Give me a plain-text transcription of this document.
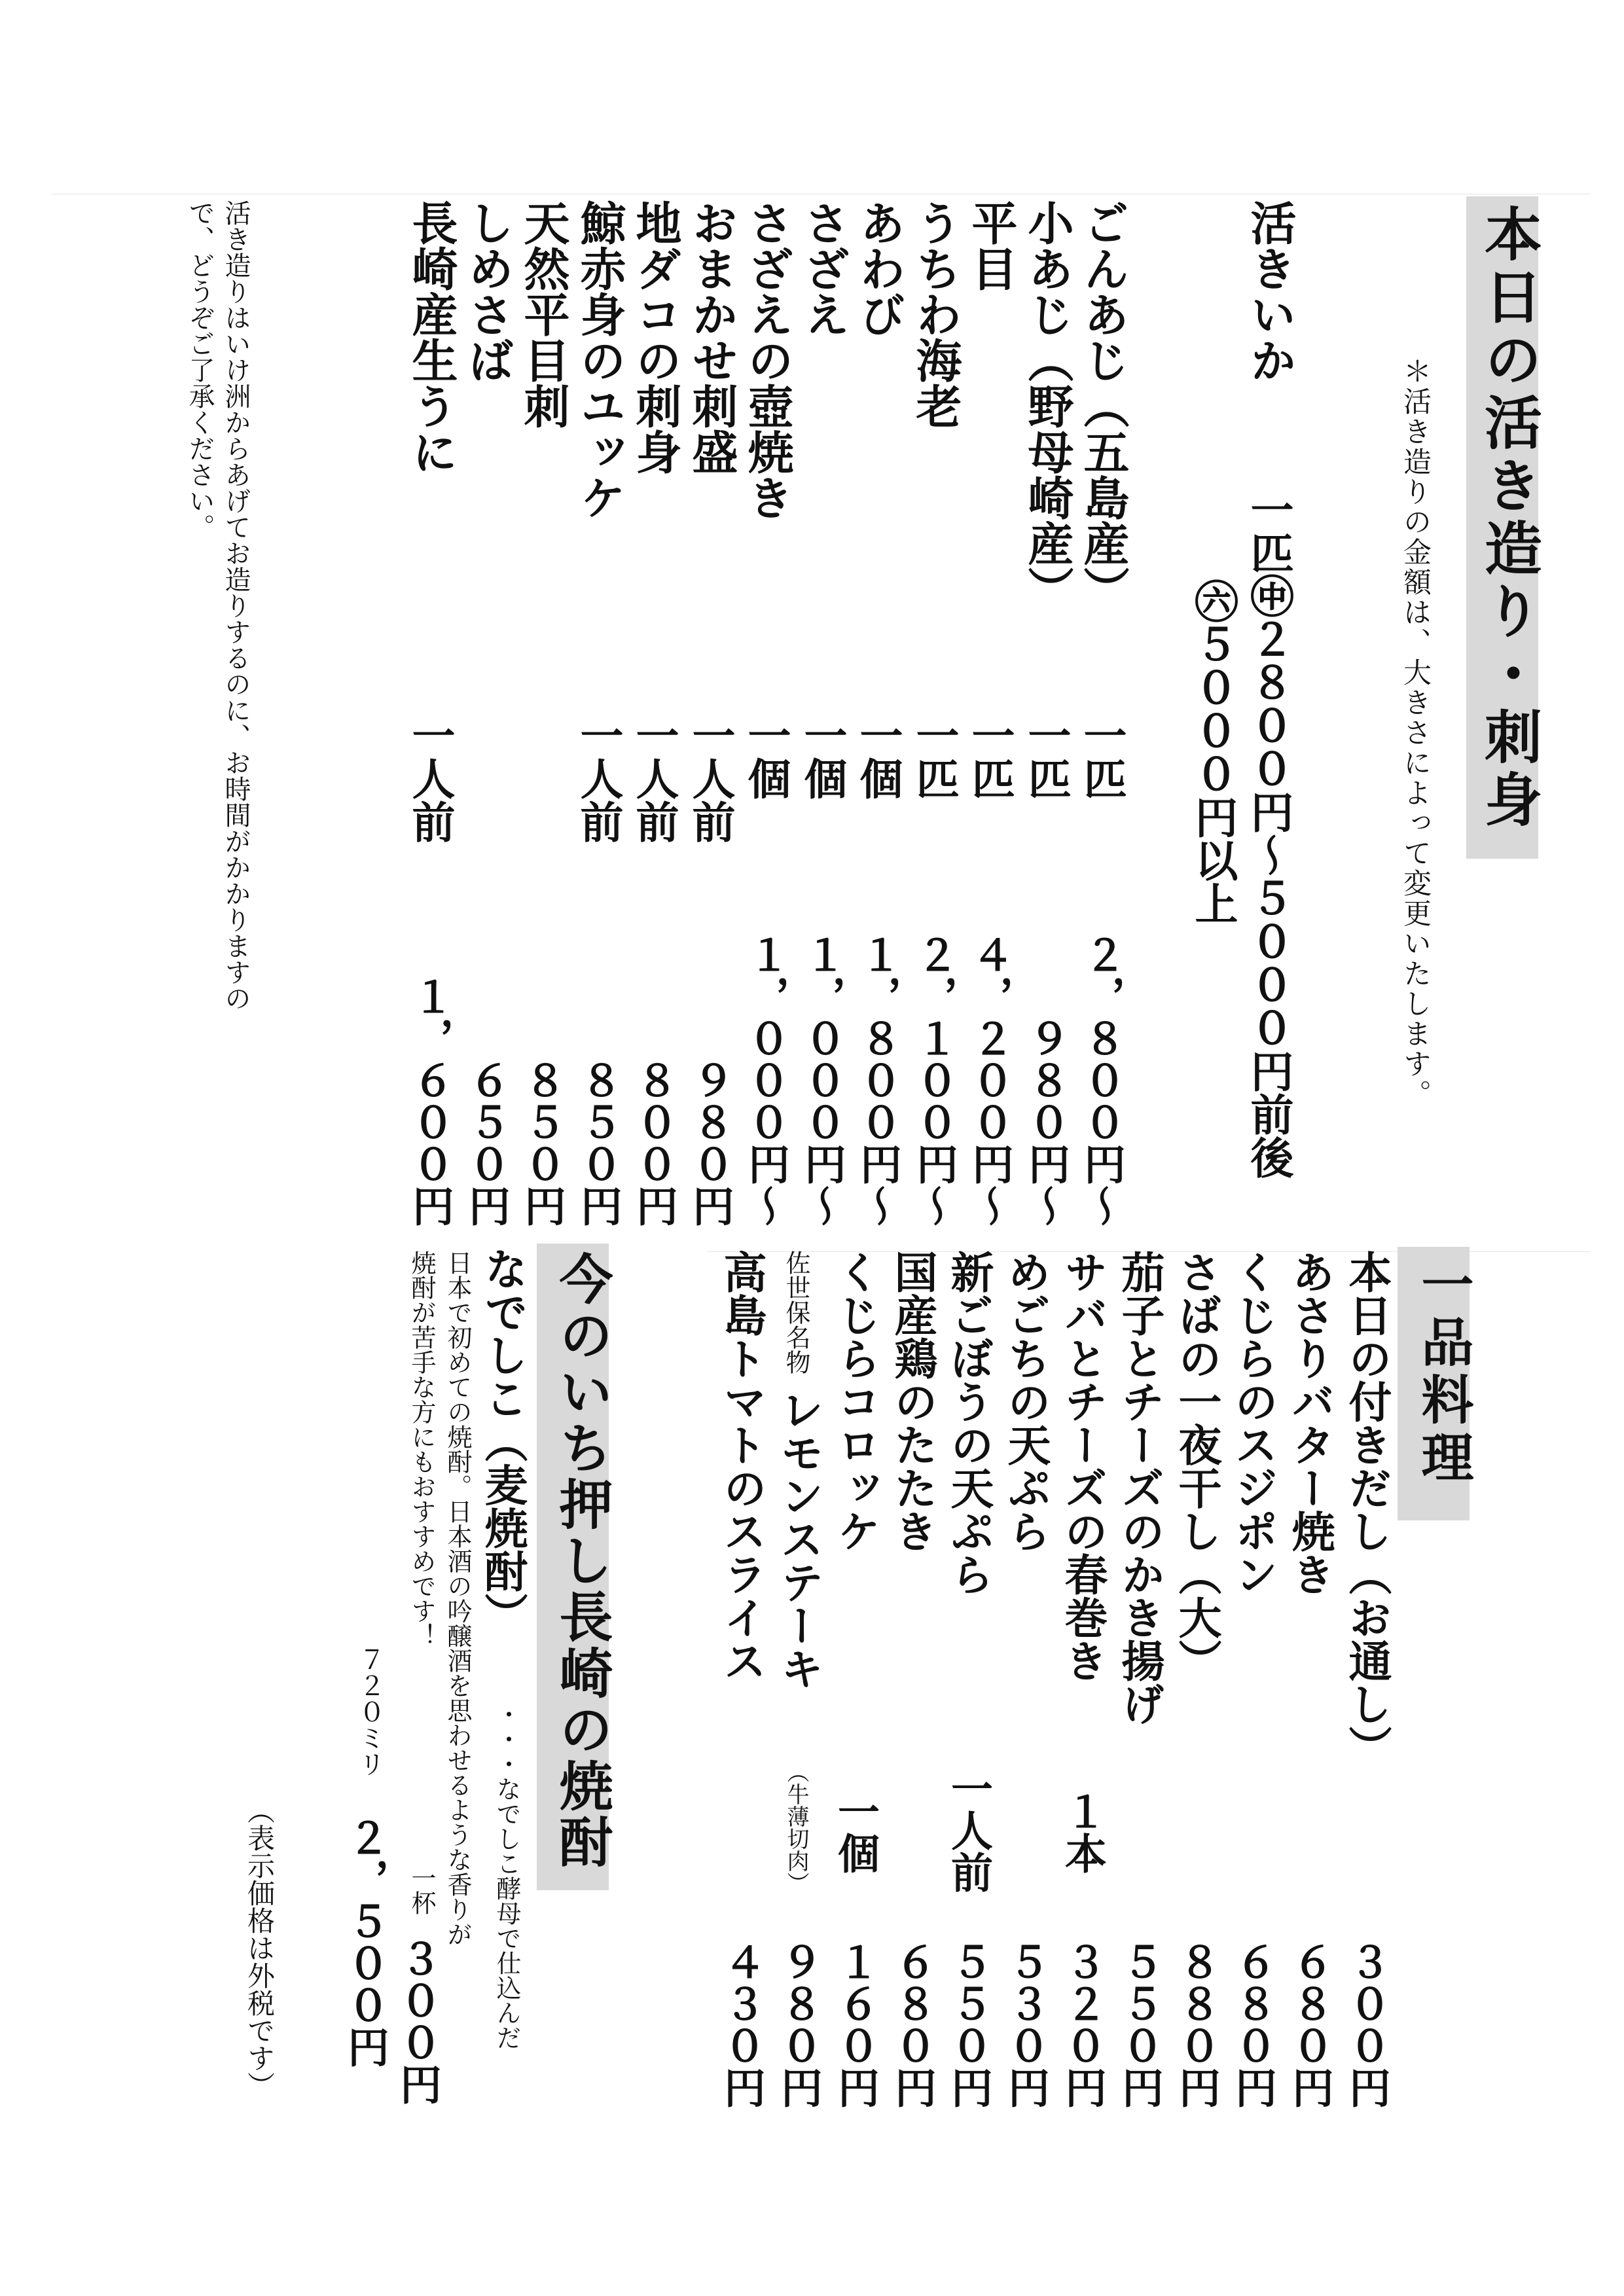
本日の活き造り・刺身
＊活き造りの金額は、大きさによって変更いたします。
活きいか
一匹㊥２８００円～５０００円前後
㊅５０００円以上
ごんあじ（五島産）
一匹
２，８００円～
小あじ（野母崎産）
一匹
９８０円～
平目
一匹
４，２００円～
うちわ海老
一匹
２，１００円～
あわび
一個
１，８００円～
さざえ
一個
１，０００円～
さざえの壺焼き
一個
１，０００円～
おまかせ刺盛
一人前
９８０円
地ダコの刺身
一人前
８００円
鯨赤身のユッケ
一人前
８５０円
天然平目刺
８５０円
しめさば
６５０円
長崎産生うに
一人前
１，６００円
活き造りはいけ洲からあげてお造りするのに、お時間がかかりますの
で、どうぞご了承ください。
一品料理
本日の付きだし（お通し）
３００円
あさりバター焼き
６８０円
くじらのスジポン
６８０円
さばの一夜干し（大）
８８０円
茄子とチーズのかき揚げ
５５０円
サバとチーズの春巻き
１本
３２０円
めごちの天ぷら
５３０円
新ごぼうの天ぷら
一人前
５５０円
国産鶏のたたき
６８０円
くじらコロッケ
一個
１６０円
佐世保名物
レモンステーキ
（牛薄切肉）
９８０円
高島トマトのスライス
４３０円
今のいち押し長崎の焼酎
なでしこ（麦焼酎）
・・・なでしこ酵母で仕込んだ
日本で初めての焼酎。日本酒の吟醸酒を思わせるような香りが
焼酎が苦手な方にもおすすめです！
一杯
３００円
７２０ミリ
２，５００円
（表示価格は外税です）
